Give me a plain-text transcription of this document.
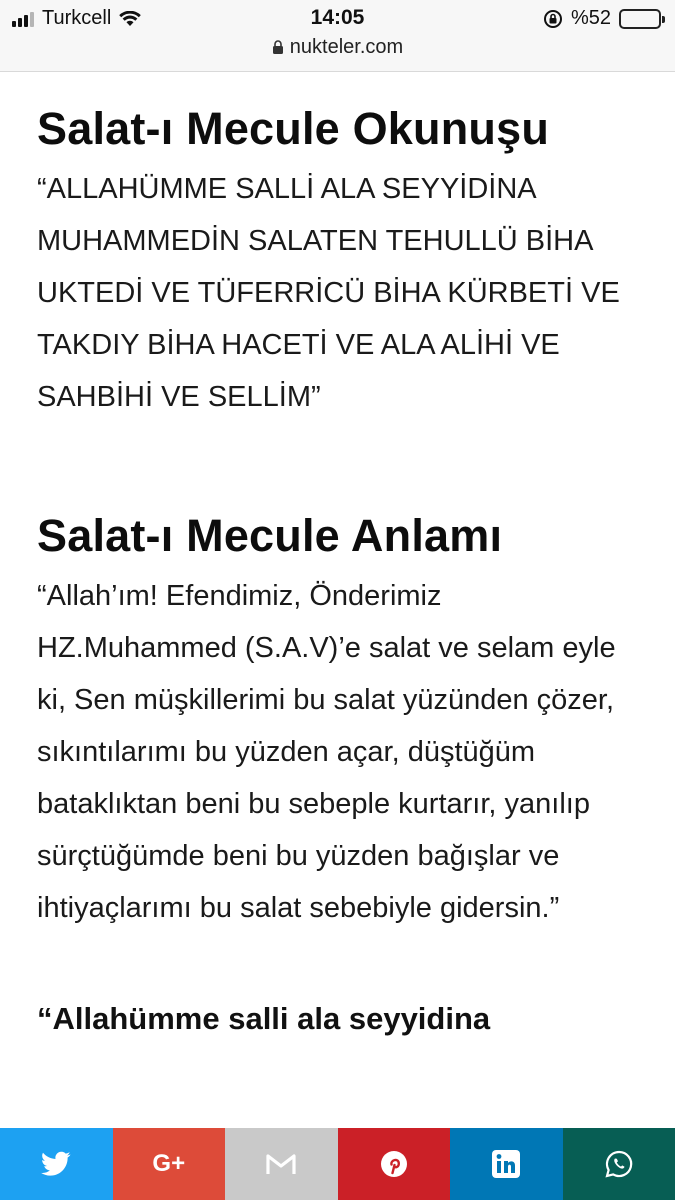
Turkcell	14:05	%52
nukteler.com
Salat-ı Mecule Okunuşu

“ALLAHÜMME SALLİ ALA SEYYİDİNA MUHAMMEDİN SALATEN TEHULLÜ BİHA UKTEDİ VE TÜFERRİCÜ BİHA KÜRBETİ VE TAKDIY BİHA HACETİ VE ALA ALİHİ VE SAHBİHİ VE SELLİM”

Salat-ı Mecule Anlamı

“Allah’ım! Efendimiz, Önderimiz HZ.Muhammed (S.A.V)’e salat ve selam eyle ki, Sen müşkillerimi bu salat yüzünden çözer, sıkıntılarımı bu yüzden açar, düştüğüm bataklıktan beni bu sebeple kurtarır, yanılıp sürçtüğümde beni bu yüzden bağışlar ve ihtiyaçlarımı bu salat sebebiyle gidersin.”

“Allahümme salli ala seyyidina
G+
